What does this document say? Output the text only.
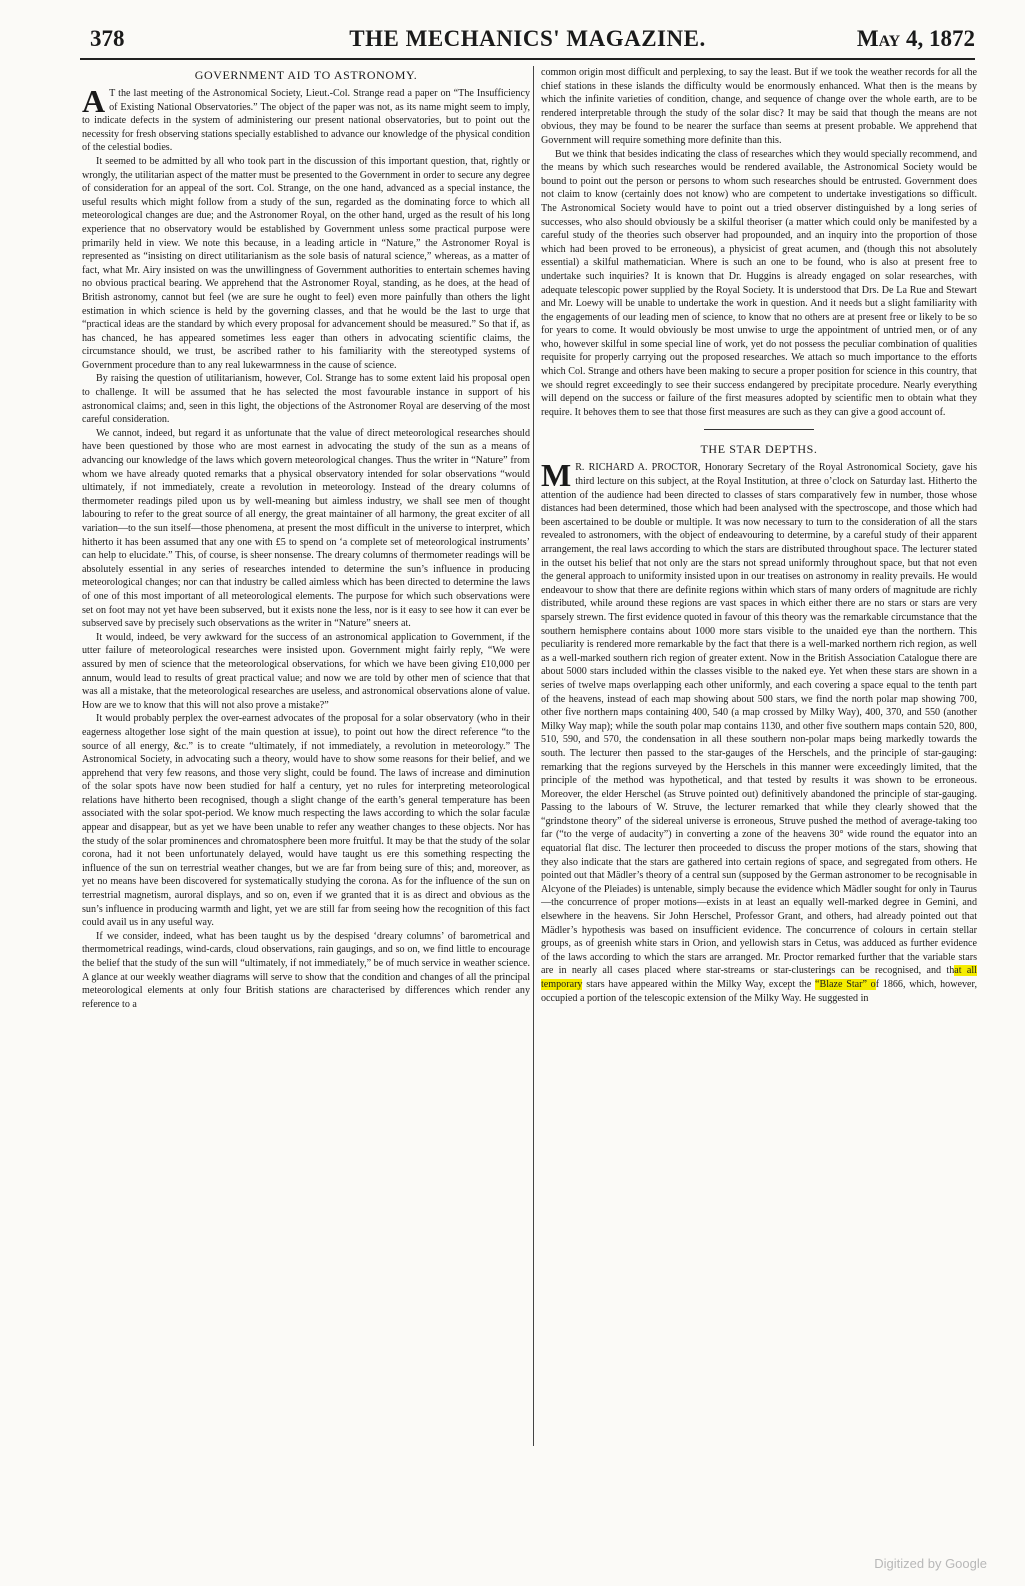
378	THE MECHANICS' MAGAZINE.	May 4, 1872
GOVERNMENT AID TO ASTRONOMY.

A T the last meeting of the Astronomical Society, Lieut.-Col. Strange read a paper on “The Insufficiency of Existing National Observatories.” The object of the paper was not, as its name might seem to imply, to indicate defects in the system of administering our present national observatories, but to point out the necessity for fresh observing stations specially established to advance our knowledge of the physical condition of the celestial bodies.

It seemed to be admitted by all who took part in the discussion of this important question, that, rightly or wrongly, the utilitarian aspect of the matter must be presented to the Government in order to secure any degree of consideration for an appeal of the sort. Col. Strange, on the one hand, advanced as a special instance, the useful results which might follow from a study of the sun, regarded as the dominating force to which all meteorological changes are due; and the Astronomer Royal, on the other hand, urged as the result of his long experience that no observatory would be established by Government unless some practical purpose were primarily held in view. We note this because, in a leading article in “Nature,” the Astronomer Royal is represented as “insisting on direct utilitarianism as the sole basis of natural science,” whereas, as a matter of fact, what Mr. Airy insisted on was the unwillingness of Government authorities to entertain schemes having no obvious practical bearing. We apprehend that the Astronomer Royal, standing, as he does, at the head of British astronomy, cannot but feel (we are sure he ought to feel) even more painfully than others the light estimation in which science is held by the governing classes, and that he would be the last to urge that “practical ideas are the standard by which every proposal for advancement should be measured.” So that if, as has chanced, he has appeared sometimes less eager than others in advocating scientific claims, the circumstance should, we trust, be ascribed rather to his familiarity with the stereotyped systems of Government procedure than to any real lukewarmness in the cause of science.

By raising the question of utilitarianism, however, Col. Strange has to some extent laid his proposal open to challenge. It will be assumed that he has selected the most favourable instance in support of his astronomical claims; and, seen in this light, the objections of the Astronomer Royal are deserving of the most careful consideration.

We cannot, indeed, but regard it as unfortunate that the value of direct meteorological researches should have been questioned by those who are most earnest in advocating the study of the sun as a means of advancing our knowledge of the laws which govern meteorological changes. Thus the writer in “Nature” from whom we have already quoted remarks that a physical observatory intended for solar observations “would ultimately, if not immediately, create a revolution in meteorology. Instead of the dreary columns of thermometer readings piled upon us by well-meaning but aimless industry, we shall see men of thought labouring to refer to the great source of all energy, the great maintainer of all harmony, the great exciter of all variation—to the sun itself—those phenomena, at present the most difficult in the universe to interpret, which hitherto it has been assumed that any one with £5 to spend on ‘a complete set of meteorological instruments’ can help to elucidate.” This, of course, is sheer nonsense. The dreary columns of thermometer readings will be absolutely essential in any series of researches intended to determine the sun’s influence in producing meteorological changes; nor can that industry be called aimless which has been directed to determine the laws of one of this most important of all meteorological elements. The purpose for which such observations were set on foot may not yet have been subserved, but it exists none the less, nor is it easy to see how it can ever be subserved save by precisely such observations as the writer in “Nature” sneers at.

It would, indeed, be very awkward for the success of an astronomical application to Government, if the utter failure of meteorological researches were insisted upon. Government might fairly reply, “We were assured by men of science that the meteorological observations, for which we have been giving £10,000 per annum, would lead to results of great practical value; and now we are told by other men of science that that was all a mistake, that the meteorological researches are useless, and astronomical observations alone of value. How are we to know that this will not also prove a mistake?”

It would probably perplex the over-earnest advocates of the proposal for a solar observatory (who in their eagerness altogether lose sight of the main question at issue), to point out how the direct reference “to the source of all energy, &c.” is to create “ultimately, if not immediately, a revolution in meteorology.” The Astronomical Society, in advocating such a theory, would have to show some reasons for their belief, and we apprehend that very few reasons, and those very slight, could be found. The laws of increase and diminution of the solar spots have now been studied for half a century, yet no rules for interpreting meteorological relations have hitherto been recognised, though a slight change of the earth’s general temperature has been associated with the solar spot-period. We know much respecting the laws according to which the solar faculæ appear and disappear, but as yet we have been unable to refer any weather changes to these objects. Nor has the study of the solar prominences and chromatosphere been more fruitful. It may be that the study of the solar corona, had it not been unfortunately delayed, would have taught us ere this something respecting the influence of the sun on terrestrial weather changes, but we are far from being sure of this; and, moreover, as yet no means have been discovered for systematically studying the corona. As for the influence of the sun on terrestrial magnetism, auroral displays, and so on, even if we granted that it is as direct and obvious as the sun’s influence in producing warmth and light, yet we are still far from seeing how the recognition of this fact could avail us in any useful way.

If we consider, indeed, what has been taught us by the despised ‘dreary columns’ of barometrical and thermometrical readings, wind-cards, cloud observations, rain gaugings, and so on, we find little to encourage the belief that the study of the sun will “ultimately, if not immediately,” be of much service in weather science. A glance at our weekly weather diagrams will serve to show that the condition and changes of all the principal meteorological elements at only four British stations are characterised by differences which render any reference to a

common origin most difficult and perplexing, to say the least. But if we took the weather records for all the chief stations in these islands the difficulty would be enormously enhanced. What then is the means by which the infinite varieties of condition, change, and sequence of change over the whole earth, are to be rendered interpretable through the study of the solar disc? It may be said that though the means are not obvious, they may be found to be nearer the surface than seems at present probable. We apprehend that Government will require something more definite than this.

But we think that besides indicating the class of researches which they would specially recommend, and the means by which such researches would be rendered available, the Astronomical Society would be bound to point out the person or persons to whom such researches should be entrusted. Government does not claim to know (certainly does not know) who are competent to undertake investigations so difficult. The Astronomical Society would have to point out a tried observer distinguished by a long series of successes, who also should obviously be a skilful theoriser (a matter which could only be manifested by a careful study of the theories such observer had propounded, and an inquiry into the proportion of those which had been proved to be erroneous), a physicist of great acumen, and (though this not absolutely essential) a skilful mathematician. Where is such an one to be found, who is also at present free to undertake such inquiries? It is known that Dr. Huggins is already engaged on solar researches, with adequate telescopic power supplied by the Royal Society. It is understood that Drs. De La Rue and Stewart and Mr. Loewy will be unable to undertake the work in question. And it needs but a slight familiarity with the engagements of our leading men of science, to know that no others are at present free or likely to be so for years to come. It would obviously be most unwise to urge the appointment of untried men, or of any who, however skilful in some special line of work, yet do not possess the peculiar combination of qualities requisite for properly carrying out the proposed researches. We attach so much importance to the efforts which Col. Strange and others have been making to secure a proper position for science in this country, that we should regret exceedingly to see their success endangered by precipitate procedure. Nearly everything will depend on the success or failure of the first measures adopted by scientific men to obtain what they require. It behoves them to see that those first measures are such as they can give a good account of.

THE STAR DEPTHS.

M R. RICHARD A. PROCTOR, Honorary Secretary of the Royal Astronomical Society, gave his third lecture on this subject, at the Royal Institution, at three o’clock on Saturday last. Hitherto the attention of the audience had been directed to classes of stars comparatively few in number, those whose distances had been determined, those which had been analysed with the spectroscope, and those which had been ascertained to be double or multiple. It was now necessary to turn to the consideration of all the stars revealed to astronomers, with the object of endeavouring to determine, by a careful study of their apparent arrangement, the real laws according to which the stars are distributed throughout space. The lecturer stated in the outset his belief that not only are the stars not spread uniformly throughout space, but that not even the general approach to uniformity insisted upon in our treatises on astronomy in reality prevails. He would endeavour to show that there are definite regions within which stars of many orders of magnitude are richly distributed, while around these regions are vast spaces in which either there are no stars or stars are very sparsely strewn. The first evidence quoted in favour of this theory was the remarkable circumstance that the southern hemisphere contains about 1000 more stars visible to the unaided eye than the northern. This peculiarity is rendered more remarkable by the fact that there is a well-marked northern rich region, as well as a well-marked southern rich region of greater extent. Now in the British Association Catalogue there are about 5000 stars included within the classes visible to the naked eye. Yet when these stars are shown in a series of twelve maps overlapping each other uniformly, and each covering a space equal to the tenth part of the heavens, instead of each map showing about 500 stars, we find the north polar map showing 700, other five northern maps containing 400, 540 (a map crossed by Milky Way), 400, 370, and 550 (another Milky Way map); while the south polar map contains 1130, and other five southern maps contain 520, 800, 510, 590, and 570, the condensation in all these southern non-polar maps being markedly towards the south. The lecturer then passed to the star-gauges of the Herschels, and the principle of star-gauging: remarking that the regions surveyed by the Herschels in this manner were exceedingly limited, that the principle of the method was hypothetical, and that tested by results it was shown to be erroneous. Moreover, the elder Herschel (as Struve pointed out) definitively abandoned the principle of star-gauging. Passing to the labours of W. Struve, the lecturer remarked that while they clearly showed that the “grindstone theory” of the sidereal universe is erroneous, Struve pushed the method of average-taking too far (“to the verge of audacity”) in converting a zone of the heavens 30° wide round the equator into an equatorial flat disc. The lecturer then proceeded to discuss the proper motions of the stars, showing that they also indicate that the stars are gathered into certain regions of space, and segregated from others. He pointed out that Mädler’s theory of a central sun (supposed by the German astronomer to be recognisable in Alcyone of the Pleiades) is untenable, simply because the evidence which Mädler sought for only in Taurus—the concurrence of proper motions—exists in at least an equally well-marked degree in Gemini, and elsewhere in the heavens. Sir John Herschel, Professor Grant, and others, had already pointed out that Mädler’s hypothesis was based on insufficient evidence. The concurrence of colours in certain stellar groups, as of greenish white stars in Orion, and yellowish stars in Cetus, was adduced as further evidence of the laws according to which the stars are arranged. Mr. Proctor remarked further that the variable stars are in nearly all cases placed where star-streams or star-clusterings can be recognised, and that all temporary stars have appeared within the Milky Way, except the “Blaze Star” of 1866, which, however, occupied a portion of the telescopic extension of the Milky Way. He suggested in

Digitized by Google
